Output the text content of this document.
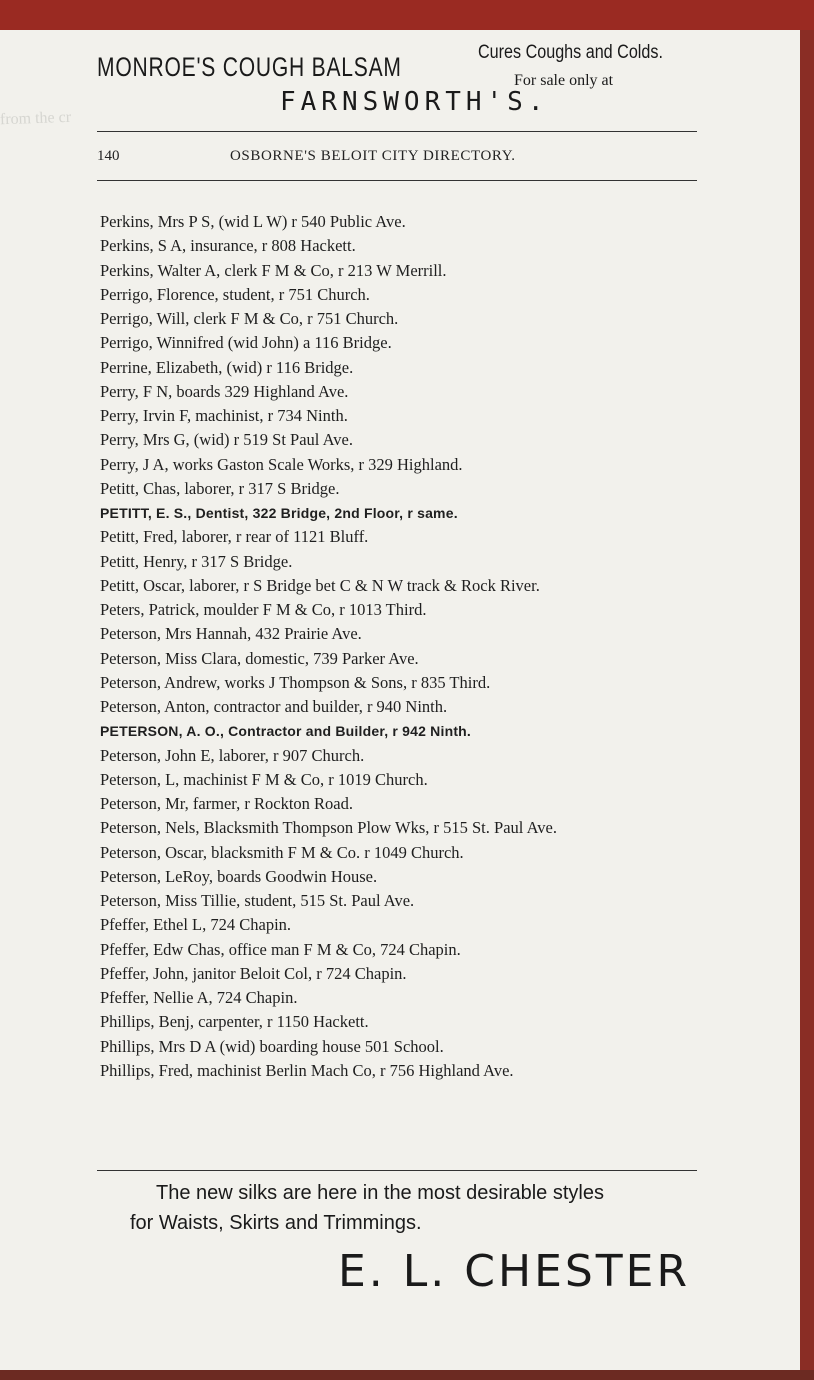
from the cr
MONROE'S COUGH BALSAM	Cures Coughs and Colds.
For sale only at
FARNSWORTH'S.
140	OSBORNE'S BELOIT CITY DIRECTORY.
Perkins, Mrs P S, (wid L W) r 540 Public Ave.
Perkins, S A, insurance, r 808 Hackett.
Perkins, Walter A, clerk F M & Co, r 213 W Merrill.
Perrigo, Florence, student, r 751 Church.
Perrigo, Will, clerk F M & Co, r 751 Church.
Perrigo, Winnifred (wid John) a 116 Bridge.
Perrine, Elizabeth, (wid) r 116 Bridge.
Perry, F N, boards 329 Highland Ave.
Perry, Irvin F, machinist, r 734 Ninth.
Perry, Mrs G, (wid) r 519 St Paul Ave.
Perry, J A, works Gaston Scale Works, r 329 Highland.
Petitt, Chas, laborer, r 317 S Bridge.
PETITT, E. S., Dentist, 322 Bridge, 2nd Floor, r same.
Petitt, Fred, laborer, r rear of 1121 Bluff.
Petitt, Henry, r 317 S Bridge.
Petitt, Oscar, laborer, r S Bridge bet C & N W track & Rock River.
Peters, Patrick, moulder F M & Co, r 1013 Third.
Peterson, Mrs Hannah, 432 Prairie Ave.
Peterson, Miss Clara, domestic, 739 Parker Ave.
Peterson, Andrew, works J Thompson & Sons, r 835 Third.
Peterson, Anton, contractor and builder, r 940 Ninth.
PETERSON, A. O., Contractor and Builder, r 942 Ninth.
Peterson, John E, laborer, r 907 Church.
Peterson, L, machinist F M & Co, r 1019 Church.
Peterson, Mr, farmer, r Rockton Road.
Peterson, Nels, Blacksmith Thompson Plow Wks, r 515 St. Paul Ave.
Peterson, Oscar, blacksmith F M & Co. r 1049 Church.
Peterson, LeRoy, boards Goodwin House.
Peterson, Miss Tillie, student, 515 St. Paul Ave.
Pfeffer, Ethel L, 724 Chapin.
Pfeffer, Edw Chas, office man F M & Co, 724 Chapin.
Pfeffer, John, janitor Beloit Col, r 724 Chapin.
Pfeffer, Nellie A, 724 Chapin.
Phillips, Benj, carpenter, r 1150 Hackett.
Phillips, Mrs D A (wid) boarding house 501 School.
Phillips, Fred, machinist Berlin Mach Co, r 756 Highland Ave.
The new silks are here in the most desirable styles
for Waists, Skirts and Trimmings.
E. L. CHESTER
